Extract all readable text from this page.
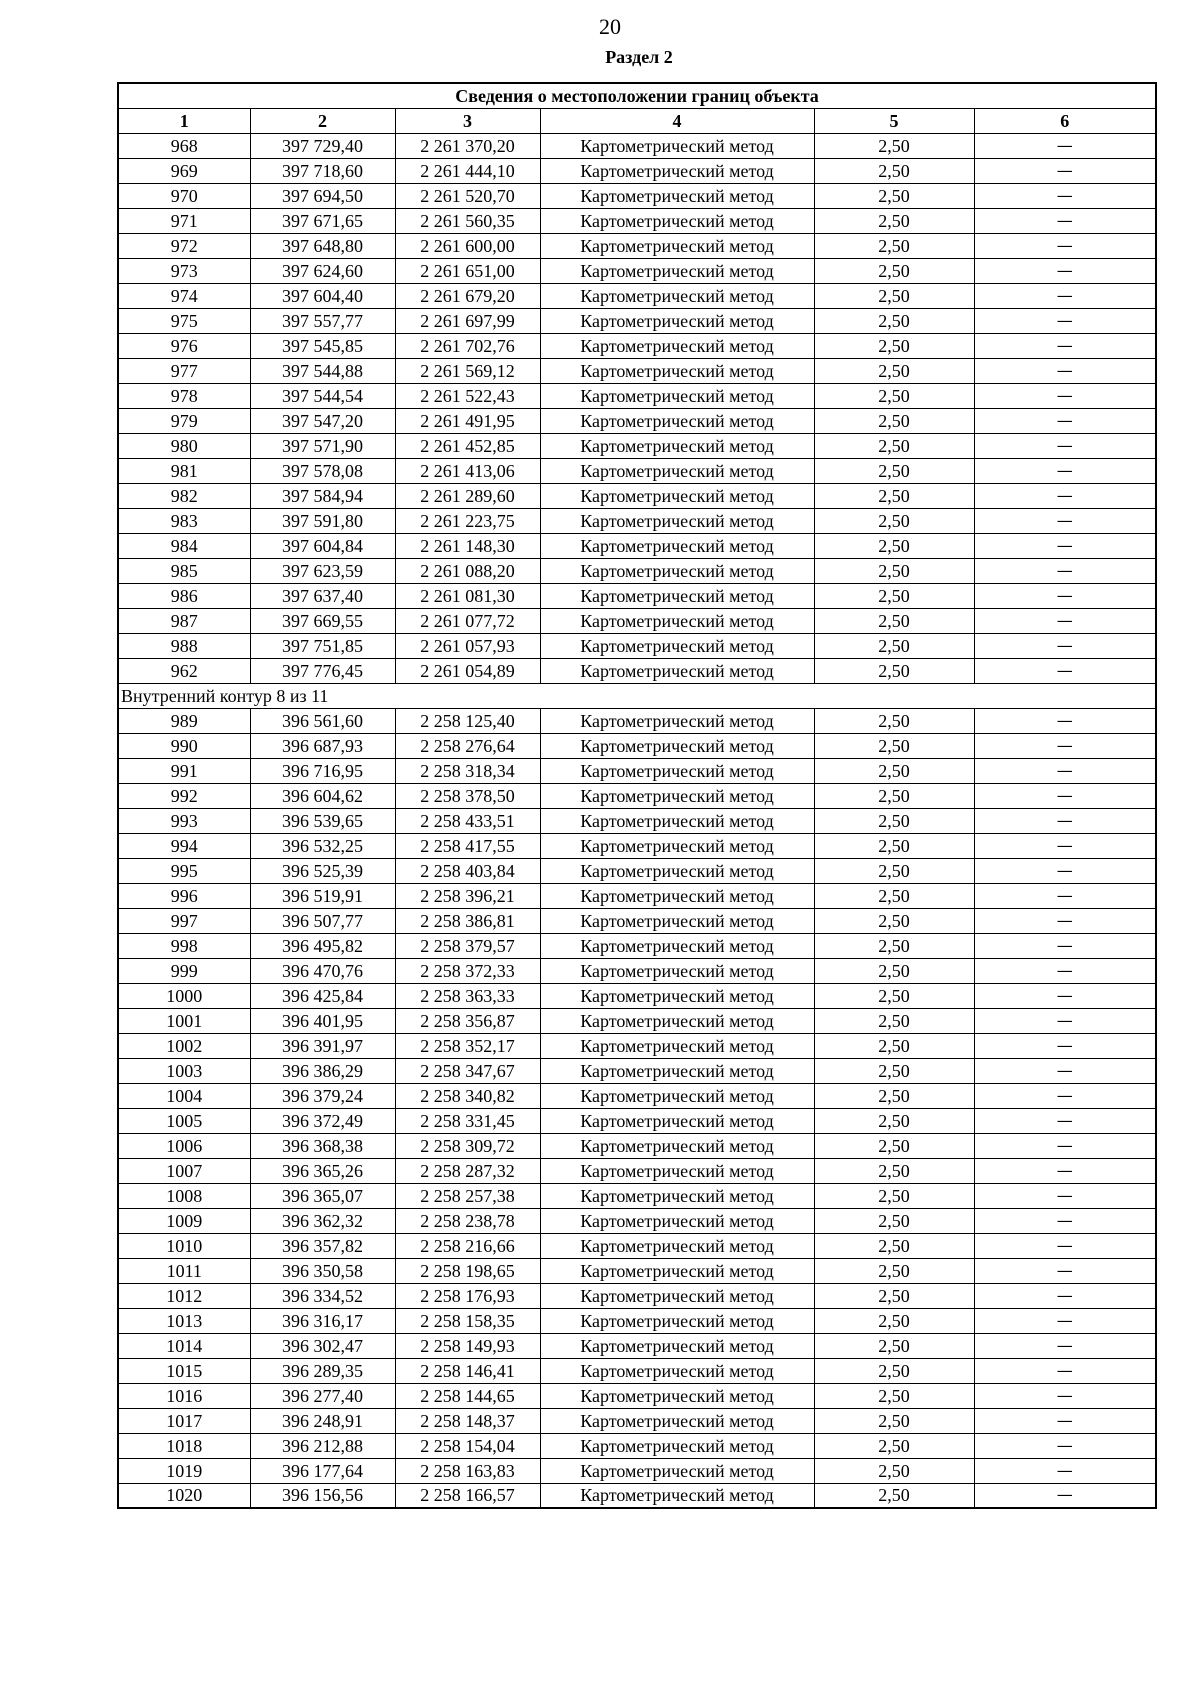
20
Раздел 2
Сведения о местоположении границ объекта					
1	2	3	4	5	6
968	397 729,40	2 261 370,20	Картометрический метод	2,50	—
969	397 718,60	2 261 444,10	Картометрический метод	2,50	—
970	397 694,50	2 261 520,70	Картометрический метод	2,50	—
971	397 671,65	2 261 560,35	Картометрический метод	2,50	—
972	397 648,80	2 261 600,00	Картометрический метод	2,50	—
973	397 624,60	2 261 651,00	Картометрический метод	2,50	—
974	397 604,40	2 261 679,20	Картометрический метод	2,50	—
975	397 557,77	2 261 697,99	Картометрический метод	2,50	—
976	397 545,85	2 261 702,76	Картометрический метод	2,50	—
977	397 544,88	2 261 569,12	Картометрический метод	2,50	—
978	397 544,54	2 261 522,43	Картометрический метод	2,50	—
979	397 547,20	2 261 491,95	Картометрический метод	2,50	—
980	397 571,90	2 261 452,85	Картометрический метод	2,50	—
981	397 578,08	2 261 413,06	Картометрический метод	2,50	—
982	397 584,94	2 261 289,60	Картометрический метод	2,50	—
983	397 591,80	2 261 223,75	Картометрический метод	2,50	—
984	397 604,84	2 261 148,30	Картометрический метод	2,50	—
985	397 623,59	2 261 088,20	Картометрический метод	2,50	—
986	397 637,40	2 261 081,30	Картометрический метод	2,50	—
987	397 669,55	2 261 077,72	Картометрический метод	2,50	—
988	397 751,85	2 261 057,93	Картометрический метод	2,50	—
962	397 776,45	2 261 054,89	Картометрический метод	2,50	—
Внутренний контур 8 из 11					
989	396 561,60	2 258 125,40	Картометрический метод	2,50	—
990	396 687,93	2 258 276,64	Картометрический метод	2,50	—
991	396 716,95	2 258 318,34	Картометрический метод	2,50	—
992	396 604,62	2 258 378,50	Картометрический метод	2,50	—
993	396 539,65	2 258 433,51	Картометрический метод	2,50	—
994	396 532,25	2 258 417,55	Картометрический метод	2,50	—
995	396 525,39	2 258 403,84	Картометрический метод	2,50	—
996	396 519,91	2 258 396,21	Картометрический метод	2,50	—
997	396 507,77	2 258 386,81	Картометрический метод	2,50	—
998	396 495,82	2 258 379,57	Картометрический метод	2,50	—
999	396 470,76	2 258 372,33	Картометрический метод	2,50	—
1000	396 425,84	2 258 363,33	Картометрический метод	2,50	—
1001	396 401,95	2 258 356,87	Картометрический метод	2,50	—
1002	396 391,97	2 258 352,17	Картометрический метод	2,50	—
1003	396 386,29	2 258 347,67	Картометрический метод	2,50	—
1004	396 379,24	2 258 340,82	Картометрический метод	2,50	—
1005	396 372,49	2 258 331,45	Картометрический метод	2,50	—
1006	396 368,38	2 258 309,72	Картометрический метод	2,50	—
1007	396 365,26	2 258 287,32	Картометрический метод	2,50	—
1008	396 365,07	2 258 257,38	Картометрический метод	2,50	—
1009	396 362,32	2 258 238,78	Картометрический метод	2,50	—
1010	396 357,82	2 258 216,66	Картометрический метод	2,50	—
1011	396 350,58	2 258 198,65	Картометрический метод	2,50	—
1012	396 334,52	2 258 176,93	Картометрический метод	2,50	—
1013	396 316,17	2 258 158,35	Картометрический метод	2,50	—
1014	396 302,47	2 258 149,93	Картометрический метод	2,50	—
1015	396 289,35	2 258 146,41	Картометрический метод	2,50	—
1016	396 277,40	2 258 144,65	Картометрический метод	2,50	—
1017	396 248,91	2 258 148,37	Картометрический метод	2,50	—
1018	396 212,88	2 258 154,04	Картометрический метод	2,50	—
1019	396 177,64	2 258 163,83	Картометрический метод	2,50	—
1020	396 156,56	2 258 166,57	Картометрический метод	2,50	—
